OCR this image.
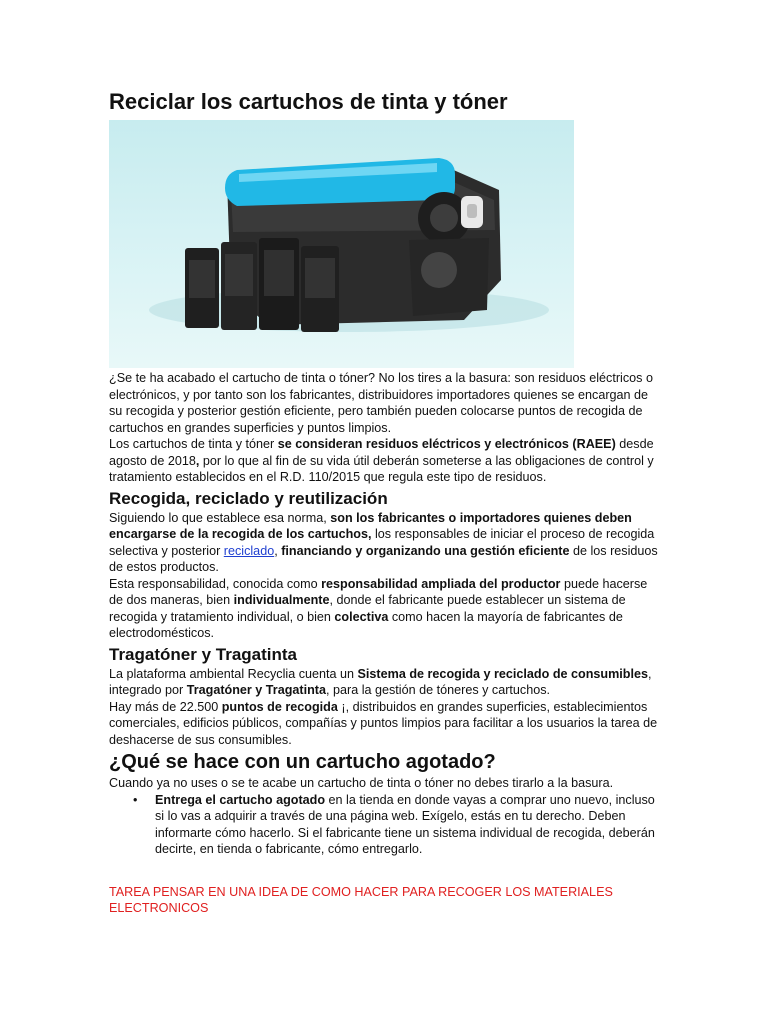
Reciclar los cartuchos de tinta y tóner

¿Se te ha acabado el cartucho de tinta o tóner? No los tires a la basura: son residuos eléctricos o electrónicos, y por tanto son los fabricantes, distribuidores importadores quienes se encargan de su recogida y posterior gestión eficiente, pero también pueden colocarse puntos de recogida de cartuchos en grandes superficies y puntos limpios.

Los cartuchos de tinta y tóner se consideran residuos eléctricos y electrónicos (RAEE) desde agosto de 2018, por lo que al fin de su vida útil deberán someterse a las obligaciones de control y tratamiento establecidos en el R.D. 110/2015 que regula este tipo de residuos.

Recogida, reciclado y reutilización

Siguiendo lo que establece esa norma, son los fabricantes o importadores quienes deben encargarse de la recogida de los cartuchos, los responsables de iniciar el proceso de recogida selectiva y posterior reciclado, financiando y organizando una gestión eficiente de los residuos de estos productos.

Esta responsabilidad, conocida como responsabilidad ampliada del productor puede hacerse de dos maneras, bien individualmente, donde el fabricante puede establecer un sistema de recogida y tratamiento individual, o bien colectiva como hacen la mayoría de fabricantes de electrodomésticos.

Tragatóner y Tragatinta

La plataforma ambiental Recyclia cuenta un Sistema de recogida y reciclado de consumibles, integrado por Tragatóner y Tragatinta, para la gestión de tóneres y cartuchos.

Hay más de 22.500 puntos de recogida ¡, distribuidos en grandes superficies, establecimientos comerciales, edificios públicos, compañías y puntos limpios para facilitar a los usuarios la tarea de deshacerse de sus consumibles.

¿Qué se hace con un cartucho agotado?

Cuando ya no uses o se te acabe un cartucho de tinta o tóner no debes tirarlo a la basura.

• Entrega el cartucho agotado en la tienda en donde vayas a comprar uno nuevo, incluso si lo vas a adquirir a través de una página web. Exígelo, estás en tu derecho. Deben informarte cómo hacerlo. Si el fabricante tiene un sistema individual de recogida, deberán decirte, en tienda o fabricante, cómo entregarlo.

TAREA PENSAR EN UNA IDEA DE COMO HACER PARA RECOGER LOS MATERIALES ELECTRONICOS
